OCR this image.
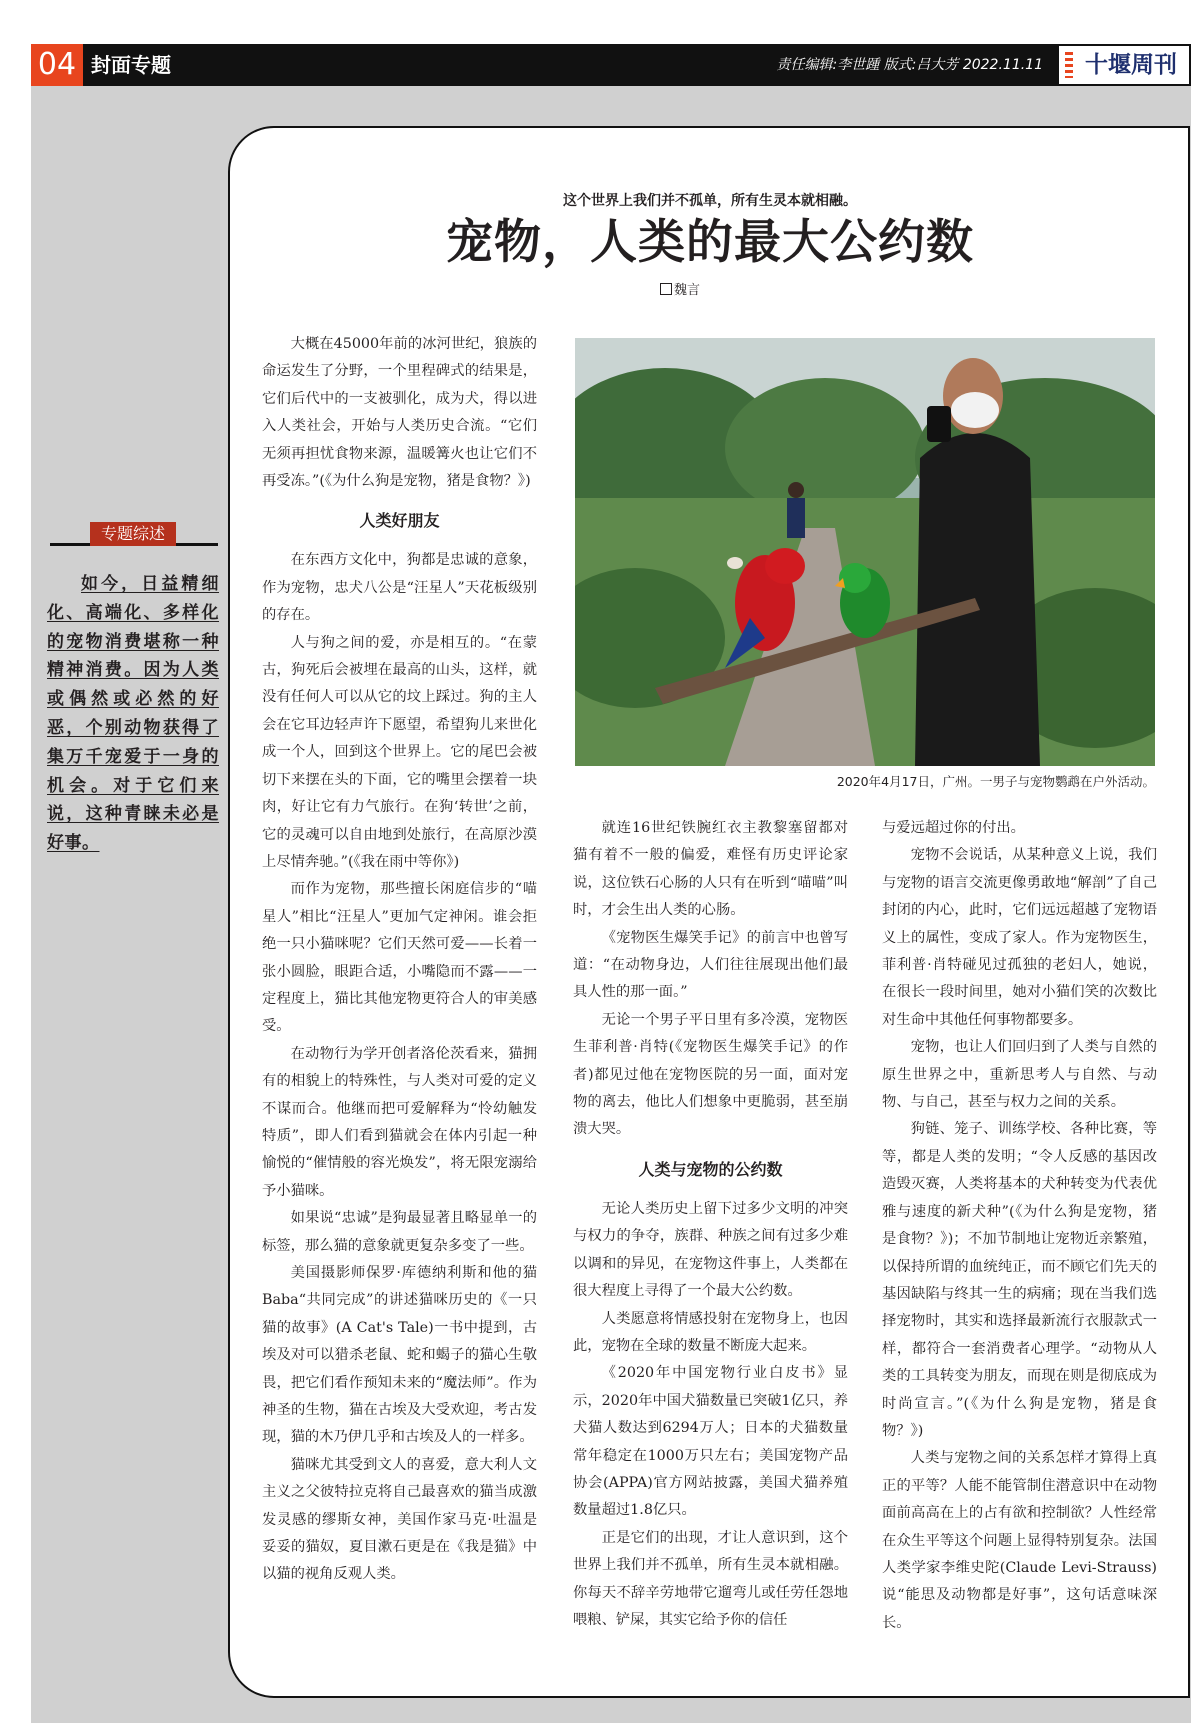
04 封面专题	责任编辑:李世踵 版式:吕大芳 2022.11.11	十堰周刊
专题综述

如今，日益精细化、高端化、多样化的宠物消费堪称一种精神消费。因为人类或偶然或必然的好恶，个别动物获得了集万千宠爱于一身的机会。对于它们来说，这种青睐未必是好事。

这个世界上我们并不孤单，所有生灵本就相融。

宠物，人类的最大公约数

魏言

大概在45000年前的冰河世纪，狼族的命运发生了分野，一个里程碑式的结果是，它们后代中的一支被驯化，成为犬，得以进入人类社会，开始与人类历史合流。“它们无须再担忧食物来源，温暖篝火也让它们不再受冻。”(《为什么狗是宠物，猪是食物？》)

人类好朋友

在东西方文化中，狗都是忠诚的意象，作为宠物，忠犬八公是“汪星人”天花板级别的存在。

人与狗之间的爱，亦是相互的。“在蒙古，狗死后会被埋在最高的山头，这样，就没有任何人可以从它的坟上踩过。狗的主人会在它耳边轻声许下愿望，希望狗儿来世化成一个人，回到这个世界上。它的尾巴会被切下来摆在头的下面，它的嘴里会摆着一块肉，好让它有力气旅行。在狗‘转世’之前，它的灵魂可以自由地到处旅行，在高原沙漠上尽情奔驰。”(《我在雨中等你》)

而作为宠物，那些擅长闲庭信步的“喵星人”相比“汪星人”更加气定神闲。谁会拒绝一只小猫咪呢？它们天然可爱——长着一张小圆脸，眼距合适，小嘴隐而不露——一定程度上，猫比其他宠物更符合人的审美感受。

在动物行为学开创者洛伦茨看来，猫拥有的相貌上的特殊性，与人类对可爱的定义不谋而合。他继而把可爱解释为“怜幼触发特质”，即人们看到猫就会在体内引起一种愉悦的“催情般的容光焕发”，将无限宠溺给予小猫咪。

如果说“忠诚”是狗最显著且略显单一的标签，那么猫的意象就更复杂多变了一些。

美国摄影师保罗·库德纳利斯和他的猫Baba“共同完成”的讲述猫咪历史的《一只猫的故事》(A Cat's Tale)一书中提到，古埃及对可以猎杀老鼠、蛇和蝎子的猫心生敬畏，把它们看作预知未来的“魔法师”。作为神圣的生物，猫在古埃及大受欢迎，考古发现，猫的木乃伊几乎和古埃及人的一样多。

猫咪尤其受到文人的喜爱，意大利人文主义之父彼特拉克将自己最喜欢的猫当成激发灵感的缪斯女神，美国作家马克·吐温是妥妥的猫奴，夏目漱石更是在《我是猫》中以猫的视角反观人类。

2020年4月17日，广州。一男子与宠物鹦鹉在户外活动。

就连16世纪铁腕红衣主教黎塞留都对猫有着不一般的偏爱，难怪有历史评论家说，这位铁石心肠的人只有在听到“喵喵”叫时，才会生出人类的心肠。

《宠物医生爆笑手记》的前言中也曾写道：“在动物身边，人们往往展现出他们最具人性的那一面。”

无论一个男子平日里有多冷漠，宠物医生菲利普·肖特(《宠物医生爆笑手记》的作者)都见过他在宠物医院的另一面，面对宠物的离去，他比人们想象中更脆弱，甚至崩溃大哭。

人类与宠物的公约数

无论人类历史上留下过多少文明的冲突与权力的争夺，族群、种族之间有过多少难以调和的异见，在宠物这件事上，人类都在很大程度上寻得了一个最大公约数。

人类愿意将情感投射在宠物身上，也因此，宠物在全球的数量不断庞大起来。

《2020年中国宠物行业白皮书》显示，2020年中国犬猫数量已突破1亿只，养犬猫人数达到6294万人；日本的犬猫数量常年稳定在1000万只左右；美国宠物产品协会(APPA)官方网站披露，美国犬猫养殖数量超过1.8亿只。

正是它们的出现，才让人意识到，这个世界上我们并不孤单，所有生灵本就相融。你每天不辞辛劳地带它遛弯儿或任劳任怨地喂粮、铲屎，其实它给予你的信任

与爱远超过你的付出。

宠物不会说话，从某种意义上说，我们与宠物的语言交流更像勇敢地“解剖”了自己封闭的内心，此时，它们远远超越了宠物语义上的属性，变成了家人。作为宠物医生，菲利普·肖特碰见过孤独的老妇人，她说，在很长一段时间里，她对小猫们笑的次数比对生命中其他任何事物都要多。

宠物，也让人们回归到了人类与自然的原生世界之中，重新思考人与自然、与动物、与自己，甚至与权力之间的关系。

狗链、笼子、训练学校、各种比赛，等等，都是人类的发明；“令人反感的基因改造毁灭赛，人类将基本的犬种转变为代表优雅与速度的新犬种”(《为什么狗是宠物，猪是食物？》)；不加节制地让宠物近亲繁殖，以保持所谓的血统纯正，而不顾它们先天的基因缺陷与终其一生的病痛；现在当我们选择宠物时，其实和选择最新流行衣服款式一样，都符合一套消费者心理学。“动物从人类的工具转变为朋友，而现在则是彻底成为时尚宣言。”(《为什么狗是宠物，猪是食物？》)

人类与宠物之间的关系怎样才算得上真正的平等？人能不能管制住潜意识中在动物面前高高在上的占有欲和控制欲？人性经常在众生平等这个问题上显得特别复杂。法国人类学家李维史陀(Claude Levi-Strauss)说“能思及动物都是好事”，这句话意味深长。
